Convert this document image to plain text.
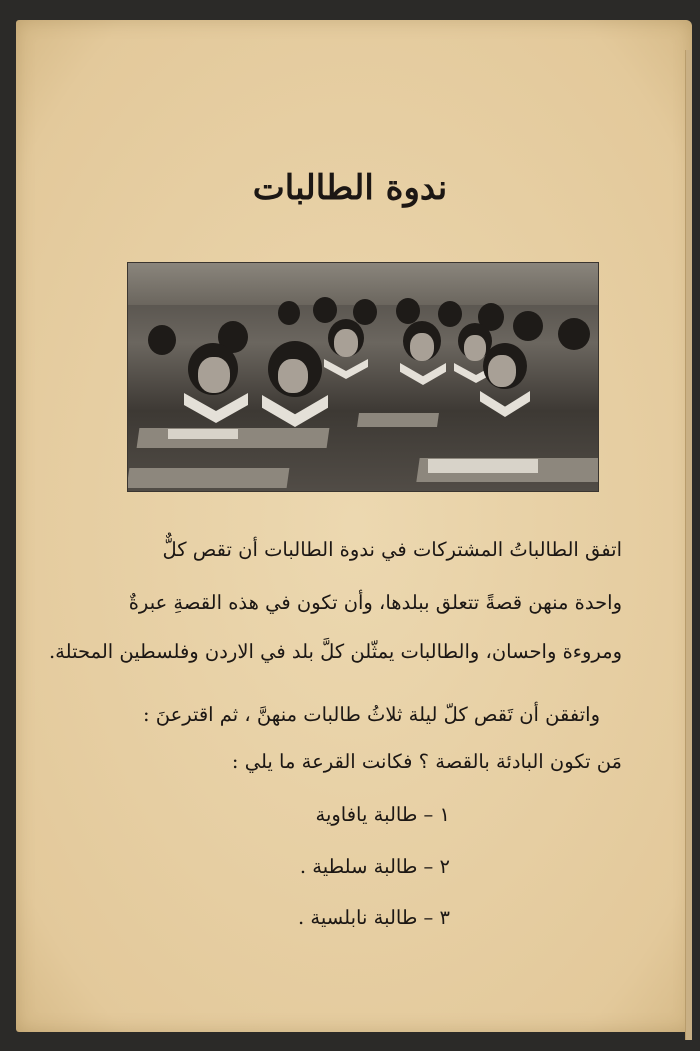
ندوة الطالبات
اتفق الطالباتُ المشتركات في ندوة الطالبات أن تقص كلٌّ
واحدة منهن قصةً تتعلق ببلدها، وأن تكون في هذه القصةِ عبرةٌ
ومروءة واحسان، والطالبات يمثّلن كلَّ بلد في الاردن وفلسطين المحتلة.
واتفقن أن تَقص كلّ ليلة ثلاثُ طالبات منهنَّ ، ثم اقترعنَ :
مَن تكون البادئة بالقصة ؟ فكانت القرعة ما يلي :
١ – طالبة يافاوية
٢ – طالبة سلطية .
٣ – طالبة نابلسية .
